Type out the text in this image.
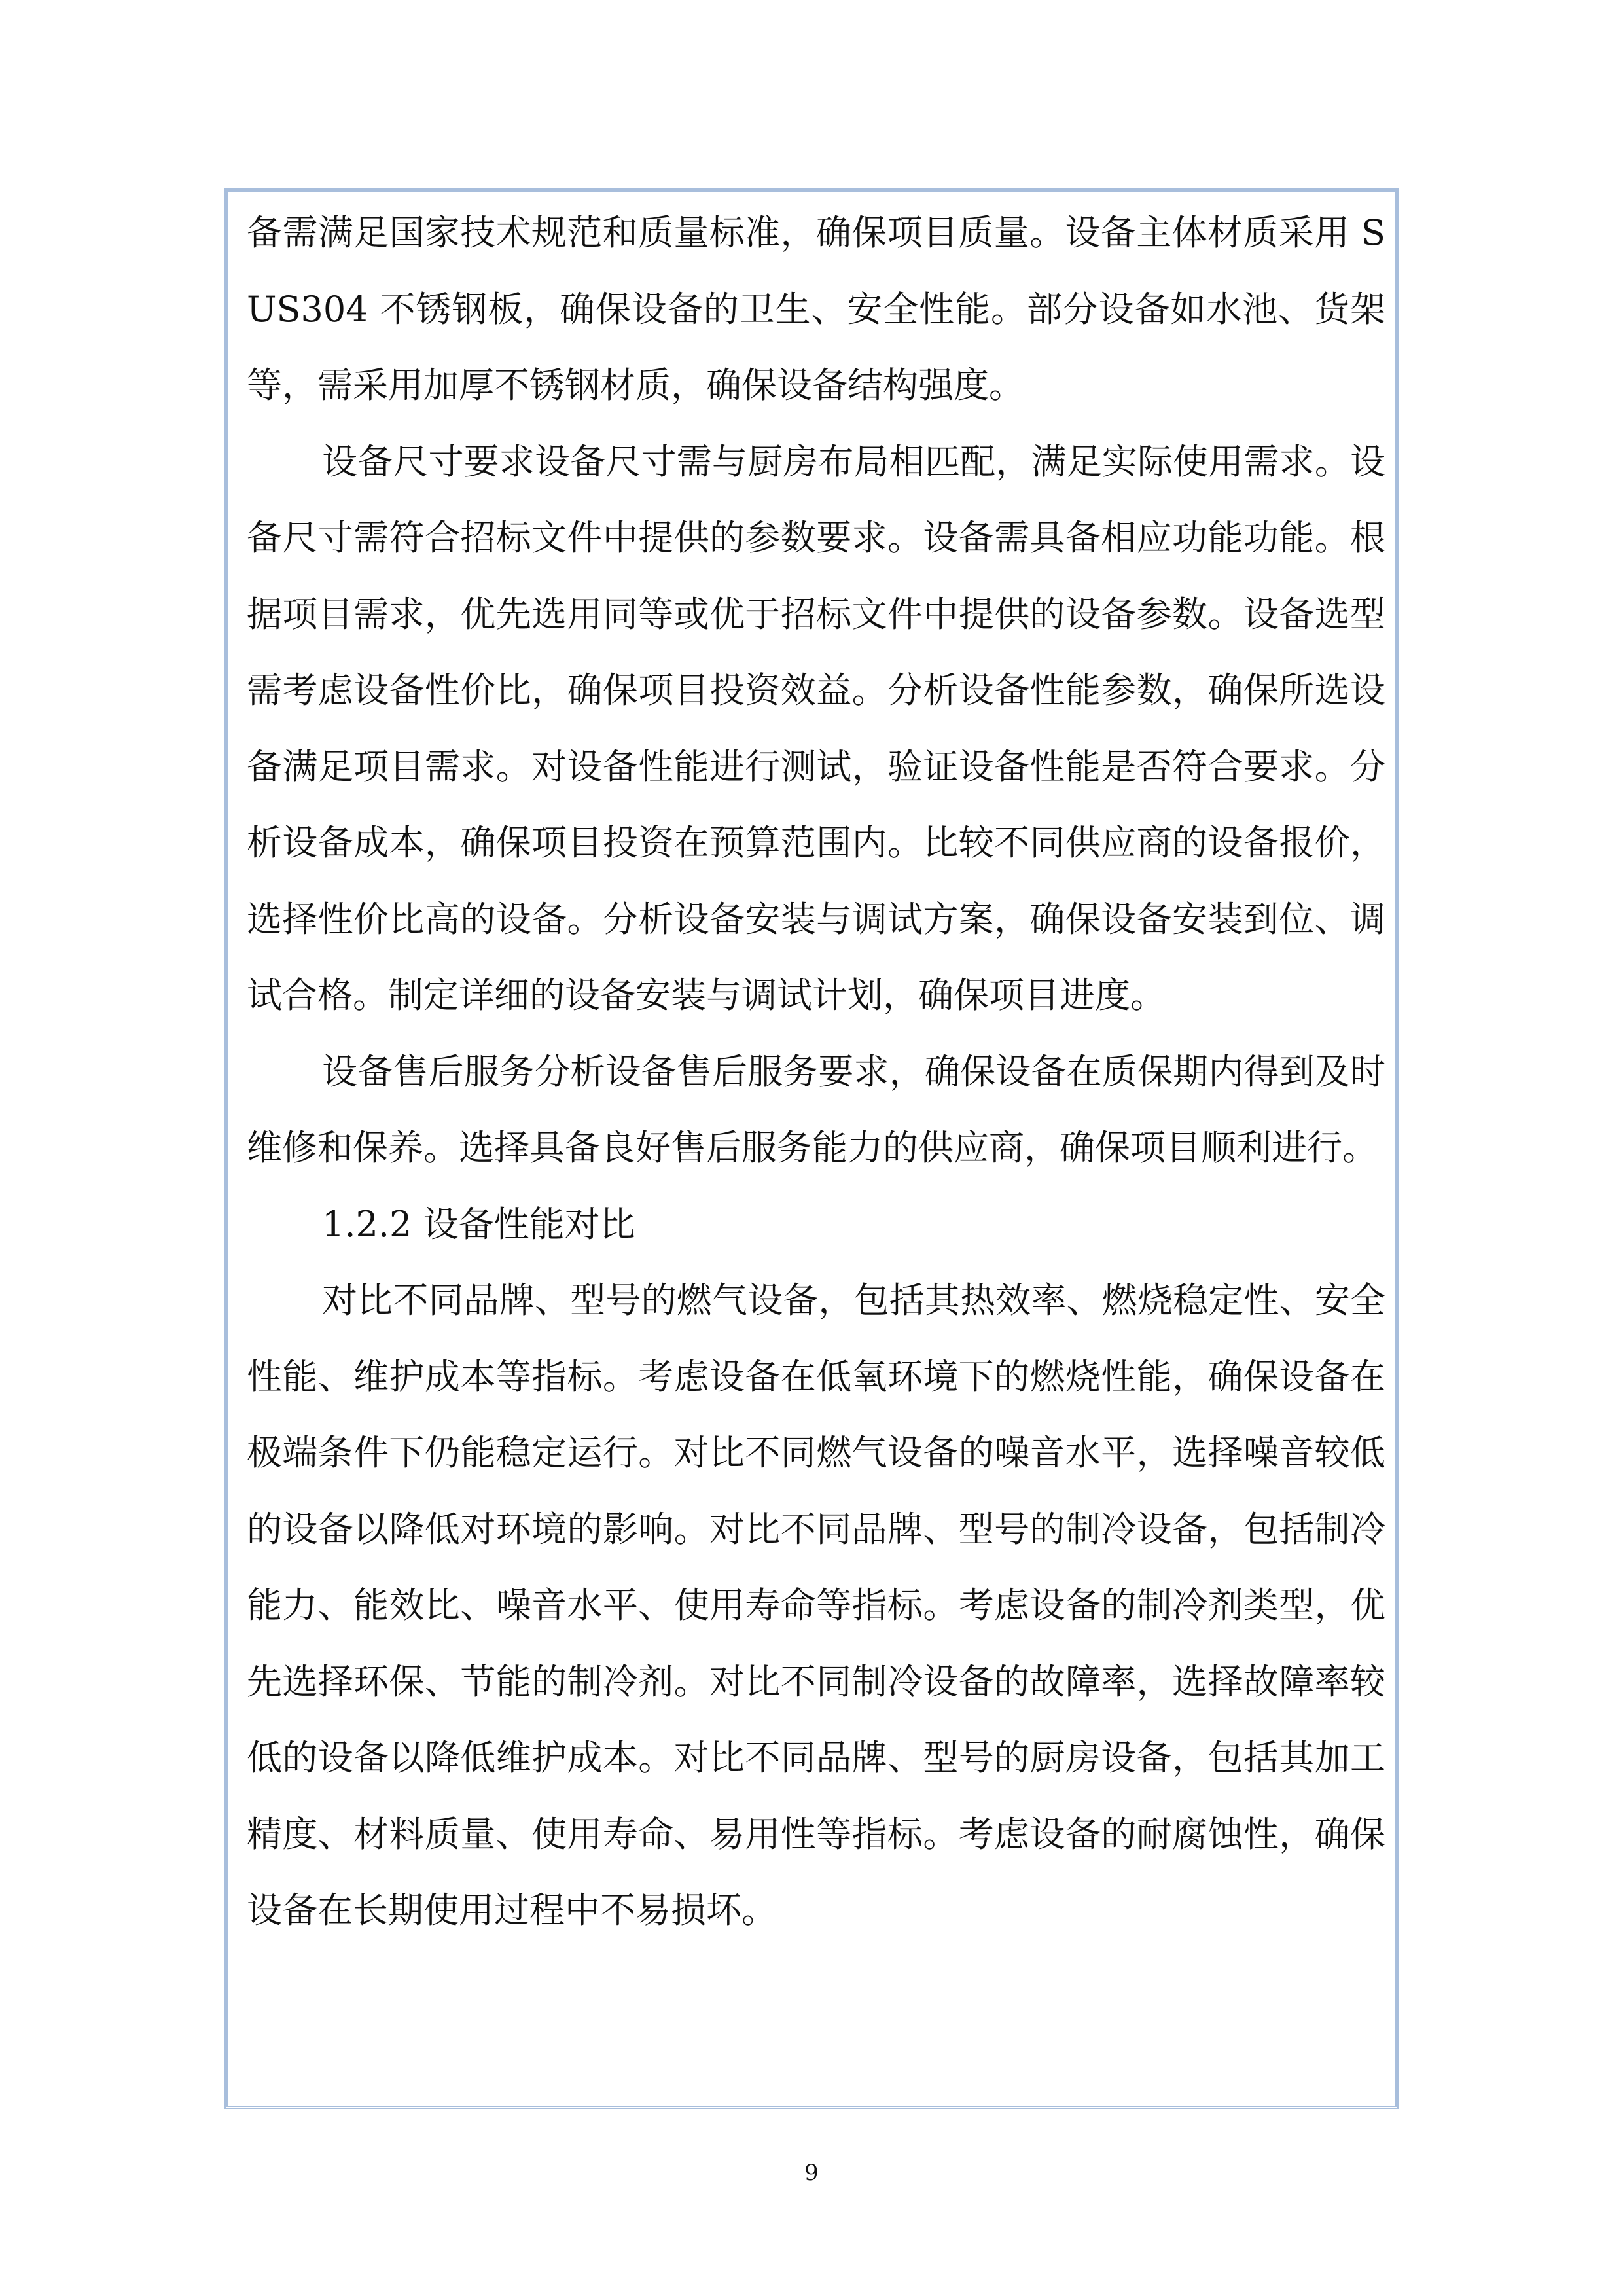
备需满足国家技术规范和质量标准，确保项目质量。设备主体材质采用 SUS304 不锈钢板，确保设备的卫生、安全性能。部分设备如水池、货架等，需采用加厚不锈钢材质，确保设备结构强度。

设备尺寸要求设备尺寸需与厨房布局相匹配，满足实际使用需求。设备尺寸需符合招标文件中提供的参数要求。设备需具备相应功能功能。根据项目需求，优先选用同等或优于招标文件中提供的设备参数。设备选型需考虑设备性价比，确保项目投资效益。分析设备性能参数，确保所选设备满足项目需求。对设备性能进行测试，验证设备性能是否符合要求。分析设备成本，确保项目投资在预算范围内。比较不同供应商的设备报价，选择性价比高的设备。分析设备安装与调试方案，确保设备安装到位、调试合格。制定详细的设备安装与调试计划，确保项目进度。

设备售后服务分析设备售后服务要求，确保设备在质保期内得到及时维修和保养。选择具备良好售后服务能力的供应商，确保项目顺利进行。

1.2.2 设备性能对比

对比不同品牌、型号的燃气设备，包括其热效率、燃烧稳定性、安全性能、维护成本等指标。考虑设备在低氧环境下的燃烧性能，确保设备在极端条件下仍能稳定运行。对比不同燃气设备的噪音水平，选择噪音较低的设备以降低对环境的影响。对比不同品牌、型号的制冷设备，包括制冷能力、能效比、噪音水平、使用寿命等指标。考虑设备的制冷剂类型，优先选择环保、节能的制冷剂。对比不同制冷设备的故障率，选择故障率较低的设备以降低维护成本。对比不同品牌、型号的厨房设备，包括其加工精度、材料质量、使用寿命、易用性等指标。考虑设备的耐腐蚀性，确保设备在长期使用过程中不易损坏。

9
